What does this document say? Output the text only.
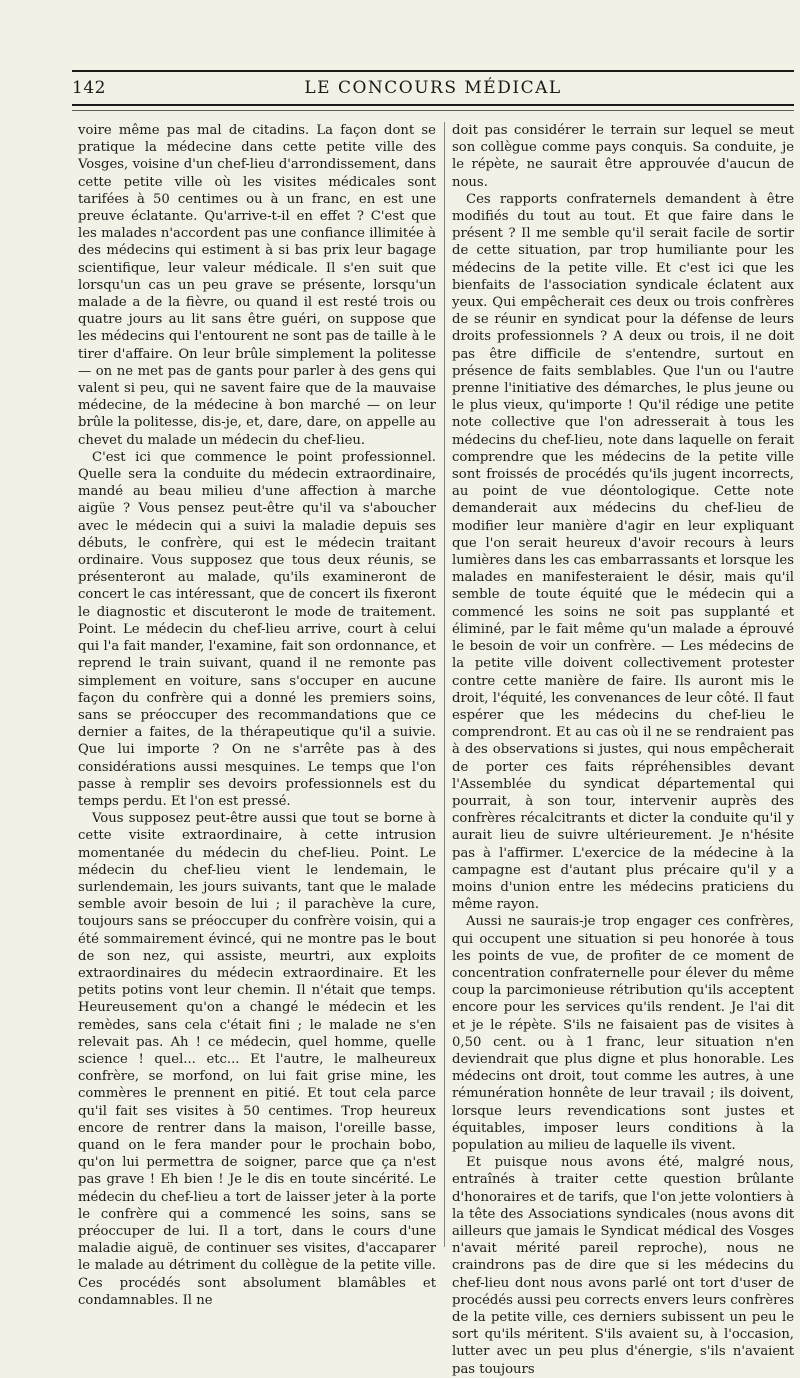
142	LE CONCOURS MÉDICAL

voire même pas mal de citadins. La façon dont se pratique la médecine dans cette petite ville des Vosges, voisine d'un chef-lieu d'arrondissement, dans cette petite ville où les visites médicales sont tarifées à 50 centimes ou à un franc, en est une preuve éclatante. Qu'arrive-t-il en effet ? C'est que les malades n'accordent pas une confiance illimitée à des médecins qui estiment à si bas prix leur bagage scientifique, leur valeur médicale. Il s'en suit que lorsqu'un cas un peu grave se présente, lorsqu'un malade a de la fièvre, ou quand il est resté trois ou quatre jours au lit sans être guéri, on suppose que les médecins qui l'entourent ne sont pas de taille à le tirer d'affaire. On leur brûle simplement la politesse — on ne met pas de gants pour parler à des gens qui valent si peu, qui ne savent faire que de la mauvaise médecine, de la médecine à bon marché — on leur brûle la politesse, dis-je, et, dare, dare, on appelle au chevet du malade un médecin du chef-lieu.

C'est ici que commence le point professionnel. Quelle sera la conduite du médecin extraordinaire, mandé au beau milieu d'une affection à marche aigüe ? Vous pensez peut-être qu'il va s'aboucher avec le médecin qui a suivi la maladie depuis ses débuts, le confrère, qui est le médecin traitant ordinaire. Vous supposez que tous deux réunis, se présenteront au malade, qu'ils examineront de concert le cas intéressant, que de concert ils fixeront le diagnostic et discuteront le mode de traitement. Point. Le médecin du chef-lieu arrive, court à celui qui l'a fait mander, l'examine, fait son ordonnance, et reprend le train suivant, quand il ne remonte pas simplement en voiture, sans s'occuper en aucune façon du confrère qui a donné les premiers soins, sans se préoccuper des recommandations que ce dernier a faites, de la thérapeutique qu'il a suivie. Que lui importe ? On ne s'arrête pas à des considérations aussi mesquines. Le temps que l'on passe à remplir ses devoirs professionnels est du temps perdu. Et l'on est pressé.

Vous supposez peut-être aussi que tout se borne à cette visite extraordinaire, à cette intrusion momentanée du médecin du chef-lieu. Point. Le médecin du chef-lieu vient le lendemain, le surlendemain, les jours suivants, tant que le malade semble avoir besoin de lui ; il parachève la cure, toujours sans se préoccuper du confrère voisin, qui a été sommairement évincé, qui ne montre pas le bout de son nez, qui assiste, meurtri, aux exploits extraordinaires du médecin extraordinaire. Et les petits potins vont leur chemin. Il n'était que temps. Heureusement qu'on a changé le médecin et les remèdes, sans cela c'était fini ; le malade ne s'en relevait pas. Ah ! ce médecin, quel homme, quelle science ! quel... etc... Et l'autre, le malheureux confrère, se morfond, on lui fait grise mine, les commères le prennent en pitié. Et tout cela parce qu'il fait ses visites à 50 centimes. Trop heureux encore de rentrer dans la maison, l'oreille basse, quand on le fera mander pour le prochain bobo, qu'on lui permettra de soigner, parce que ça n'est pas grave ! Eh bien ! Je le dis en toute sincérité. Le médecin du chef-lieu a tort de laisser jeter à la porte le confrère qui a commencé les soins, sans se préoccuper de lui. Il a tort, dans le cours d'une maladie aiguë, de continuer ses visites, d'accaparer le malade au détriment du collègue de la petite ville. Ces procédés sont absolument blamâbles et condamnables. Il ne

doit pas considérer le terrain sur lequel se meut son collègue comme pays conquis. Sa conduite, je le répète, ne saurait être approuvée d'aucun de nous.

Ces rapports confraternels demandent à être modifiés du tout au tout. Et que faire dans le présent ? Il me semble qu'il serait facile de sortir de cette situation, par trop humiliante pour les médecins de la petite ville. Et c'est ici que les bienfaits de l'association syndicale éclatent aux yeux. Qui empêcherait ces deux ou trois confrères de se réunir en syndicat pour la défense de leurs droits professionnels ? A deux ou trois, il ne doit pas être difficile de s'entendre, surtout en présence de faits semblables. Que l'un ou l'autre prenne l'initiative des démarches, le plus jeune ou le plus vieux, qu'importe ! Qu'il rédige une petite note collective que l'on adresserait à tous les médecins du chef-lieu, note dans laquelle on ferait comprendre que les médecins de la petite ville sont froissés de procédés qu'ils jugent incorrects, au point de vue déontologique. Cette note demanderait aux médecins du chef-lieu de modifier leur manière d'agir en leur expliquant que l'on serait heureux d'avoir recours à leurs lumières dans les cas embarrassants et lorsque les malades en manifesteraient le désir, mais qu'il semble de toute équité que le médecin qui a commencé les soins ne soit pas supplanté et éliminé, par le fait même qu'un malade a éprouvé le besoin de voir un confrère. — Les médecins de la petite ville doivent collectivement protester contre cette manière de faire. Ils auront mis le droit, l'équité, les convenances de leur côté. Il faut espérer que les médecins du chef-lieu le comprendront. Et au cas où il ne se rendraient pas à des observations si justes, qui nous empêcherait de porter ces faits répréhensibles devant l'Assemblée du syndicat départemental qui pourrait, à son tour, intervenir auprès des confrères récalcitrants et dicter la conduite qu'il y aurait lieu de suivre ultérieurement. Je n'hésite pas à l'affirmer. L'exercice de la médecine à la campagne est d'autant plus précaire qu'il y a moins d'union entre les médecins praticiens du même rayon.

Aussi ne saurais-je trop engager ces confrères, qui occupent une situation si peu honorée à tous les points de vue, de profiter de ce moment de concentration confraternelle pour élever du même coup la parcimonieuse rétribution qu'ils acceptent encore pour les services qu'ils rendent. Je l'ai dit et je le répète. S'ils ne faisaient pas de visites à 0,50 cent. ou à 1 franc, leur situation n'en deviendrait que plus digne et plus honorable. Les médecins ont droit, tout comme les autres, à une rémunération honnête de leur travail ; ils doivent, lorsque leurs revendications sont justes et équitables, imposer leurs conditions à la population au milieu de laquelle ils vivent.

Et puisque nous avons été, malgré nous, entraînés à traiter cette question brûlante d'honoraires et de tarifs, que l'on jette volontiers à la tête des Associations syndicales (nous avons dit ailleurs que jamais le Syndicat médical des Vosges n'avait mérité pareil reproche), nous ne craindrons pas de dire que si les médecins du chef-lieu dont nous avons parlé ont tort d'user de procédés aussi peu corrects envers leurs confrères de la petite ville, ces derniers subissent un peu le sort qu'ils méritent. S'ils avaient su, à l'occasion, lutter avec un peu plus d'énergie, s'ils n'avaient pas toujours
